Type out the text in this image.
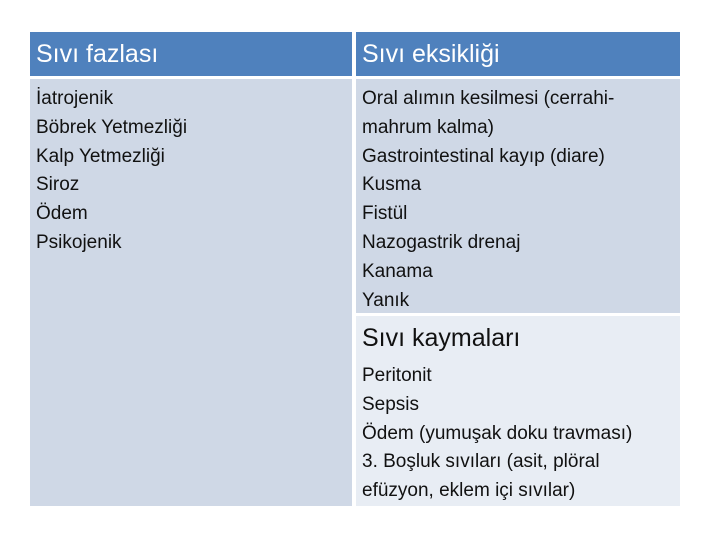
Sıvı fazlası	Sıvı eksikliği
İatrojenik
Böbrek Yetmezliği
Kalp Yetmezliği
Siroz
Ödem
Psikojenik
Oral alımın kesilmesi (cerrahi-
mahrum kalma)
Gastrointestinal kayıp (diare)
Kusma
Fistül
Nazogastrik drenaj
Kanama
Yanık
Sıvı kaymaları
Peritonit
Sepsis
Ödem (yumuşak doku travması)
3. Boşluk sıvıları (asit, plöral
efüzyon, eklem içi sıvılar)
